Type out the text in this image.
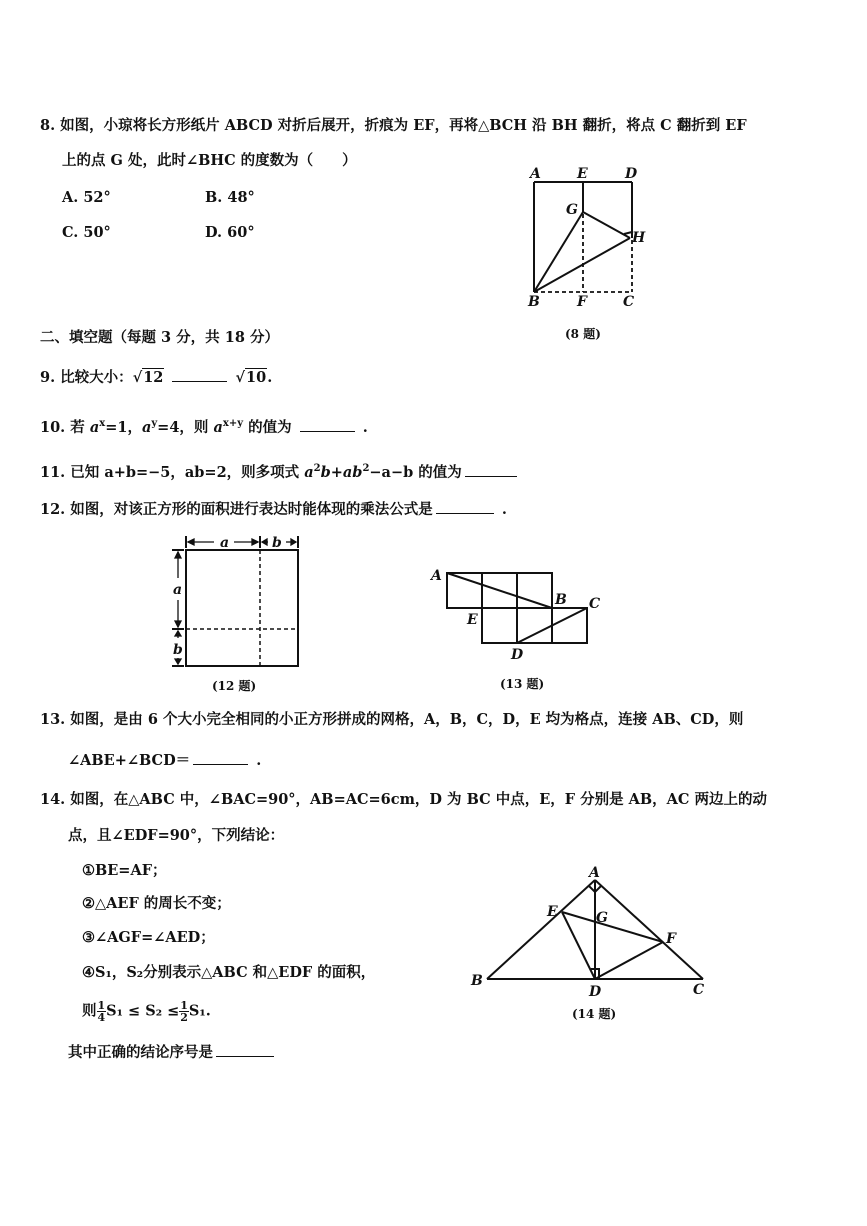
8. 如图，小琼将长方形纸片 ABCD 对折后展开，折痕为 EF，再将△BCH 沿 BH 翻折，将点 C 翻折到 EF
上的点 G 处，此时∠BHC 的度数为（　　）
A. 52°	B. 48°
C. 50°	D. 60°
A	E	D
G
H
B	F	C
(8 题)
二、填空题（每题 3 分，共 18 分）
9. 比较大小：√12	√10.
10. 若 $a^x=1$，$a^y=4$，则 $a^{x+y}$ 的值为	.
11. 已知 a+b=−5，ab=2，则多项式 $a^2b+ab^2-a-b$ 的值为
12. 如图，对该正方形的面积进行表达时能体现的乘法公式是	.
a	b
a
b
(12 题)
A
B C
E
D
(13 题)
13. 如图，是由 6 个大小完全相同的小正方形拼成的网格，A，B，C，D，E 均为格点，连接 AB、CD，则
∠ABE+∠BCD＝	.
14. 如图，在△ABC 中，∠BAC=90°，AB=AC=6cm，D 为 BC 中点，E，F 分别是 AB，AC 两边上的动
点，且∠EDF=90°，下列结论：
①BE=AF；
②△AEF 的周长不变；
③∠AGF=∠AED；
④S₁，S₂分别表示△ABC 和△EDF 的面积，
则 $\frac{1}{4} S_1 \le S_2 \le \frac{1}{2} S_1$.
其中正确的结论序号是
A
E	G
F
B
D	C
(14 题)
